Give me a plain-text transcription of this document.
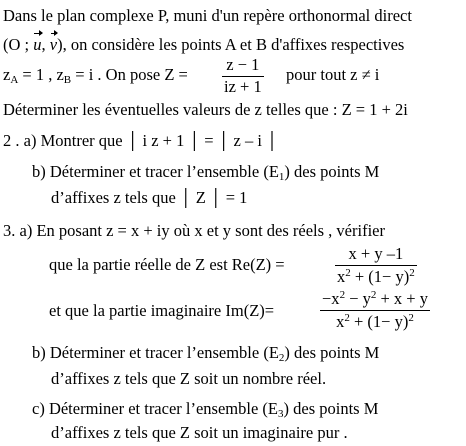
Dans le plan complexe P, muni d'un repère orthonormal direct
(O ; u, v), on considère les points A et B d'affixes respectives
$z_A = 1$ , $z_B = i$ . On pose Z =
z − 1
iz + 1
pour tout z ≠ i
Déterminer les éventuelles valeurs de z telles que : Z = 1 + 2i
2 . a) Montrer que │ i z + 1 │ = │ z – i │
b) Déterminer et tracer l’ensemble $(E_1)$ des points M
d’affixes z tels que │ Z │ = 1
3. a) En posant z = x + iy où x et y sont des réels , vérifier
que la partie réelle de Z est Re(Z) =
x + y –1
$x^2 + (1- y)^2$
et que la partie imaginaire Im(Z)=
$-x^2 - y^2 + x + y$
$x^2 + (1- y)^2$
b) Déterminer et tracer l’ensemble $(E_2)$ des points M
d’affixes z tels que Z soit un nombre réel.
c) Déterminer et tracer l’ensemble $(E_3)$ des points M
d’affixes z tels que Z soit un imaginaire pur .
